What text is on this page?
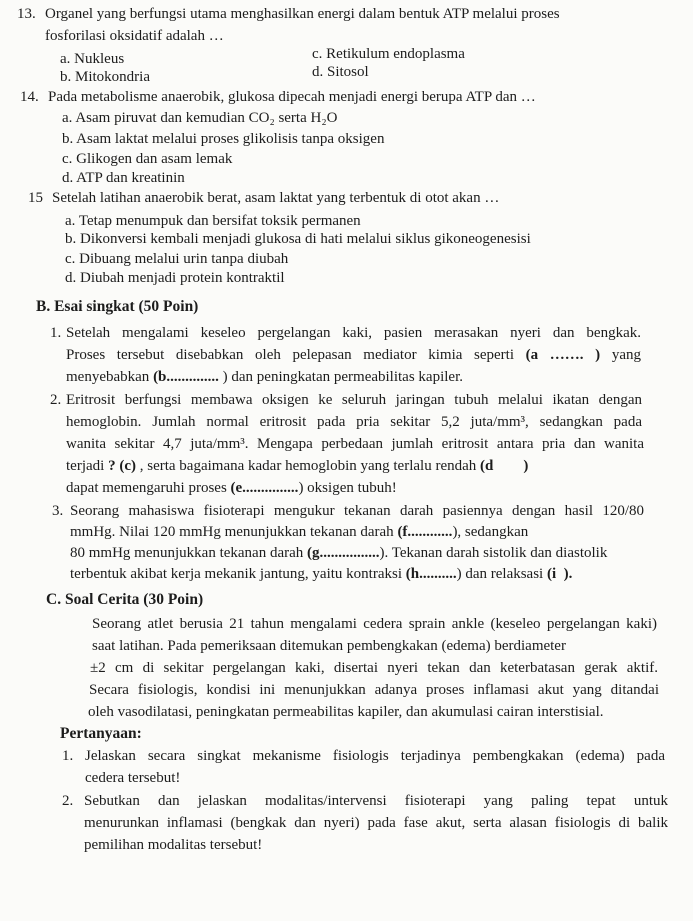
13. Organel yang berfungsi utama menghasilkan energi dalam bentuk ATP melalui proses
fosforilasi oksidatif adalah …
a. Nukleus
b. Mitokondria
c. Retikulum endoplasma
d. Sitosol
14. Pada metabolisme anaerobik, glukosa dipecah menjadi energi berupa ATP dan …
a. Asam piruvat dan kemudian CO₂ serta H₂O
b. Asam laktat melalui proses glikolisis tanpa oksigen
c. Glikogen dan asam lemak
d. ATP dan kreatinin
15 Setelah latihan anaerobik berat, asam laktat yang terbentuk di otot akan …
a. Tetap menumpuk dan bersifat toksik permanen
b. Dikonversi kembali menjadi glukosa di hati melalui siklus gikoneogenesisi
c. Dibuang melalui urin tanpa diubah
d. Diubah menjadi protein kontraktil
B. Esai singkat (50 Poin)
1. Setelah mengalami keseleo pergelangan kaki, pasien merasakan nyeri dan bengkak.
Proses tersebut disebabkan oleh pelepasan mediator kimia seperti (a ……. ) yang
menyebabkan (b.............. ) dan peningkatan permeabilitas kapiler.
2. Eritrosit berfungsi membawa oksigen ke seluruh jaringan tubuh melalui ikatan dengan
hemoglobin. Jumlah normal eritrosit pada pria sekitar 5,2 juta/mm³, sedangkan pada
wanita sekitar 4,7 juta/mm³. Mengapa perbedaan jumlah eritrosit antara pria dan wanita
terjadi ? (c) , serta bagaimana kadar hemoglobin yang terlalu rendah (d        )
dapat memengaruhi proses (e...............) oksigen tubuh!
3. Seorang mahasiswa fisioterapi mengukur tekanan darah pasiennya dengan hasil 120/80
mmHg. Nilai 120 mmHg menunjukkan tekanan darah (f............), sedangkan
80 mmHg menunjukkan tekanan darah (g................). Tekanan darah sistolik dan diastolik
terbentuk akibat kerja mekanik jantung, yaitu kontraksi (h..........) dan relaksasi (i  ).
C. Soal Cerita (30 Poin)
Seorang atlet berusia 21 tahun mengalami cedera sprain ankle (keseleo pergelangan kaki)
saat latihan. Pada pemeriksaan ditemukan pembengkakan (edema) berdiameter
±2 cm di sekitar pergelangan kaki, disertai nyeri tekan dan keterbatasan gerak aktif.
Secara fisiologis, kondisi ini menunjukkan adanya proses inflamasi akut yang ditandai
oleh vasodilatasi, peningkatan permeabilitas kapiler, dan akumulasi cairan interstisial.
Pertanyaan:
1. Jelaskan secara singkat mekanisme fisiologis terjadinya pembengkakan (edema) pada
cedera tersebut!
2. Sebutkan dan jelaskan modalitas/intervensi fisioterapi yang paling tepat untuk
menurunkan inflamasi (bengkak dan nyeri) pada fase akut, serta alasan fisiologis di balik
pemilihan modalitas tersebut!
